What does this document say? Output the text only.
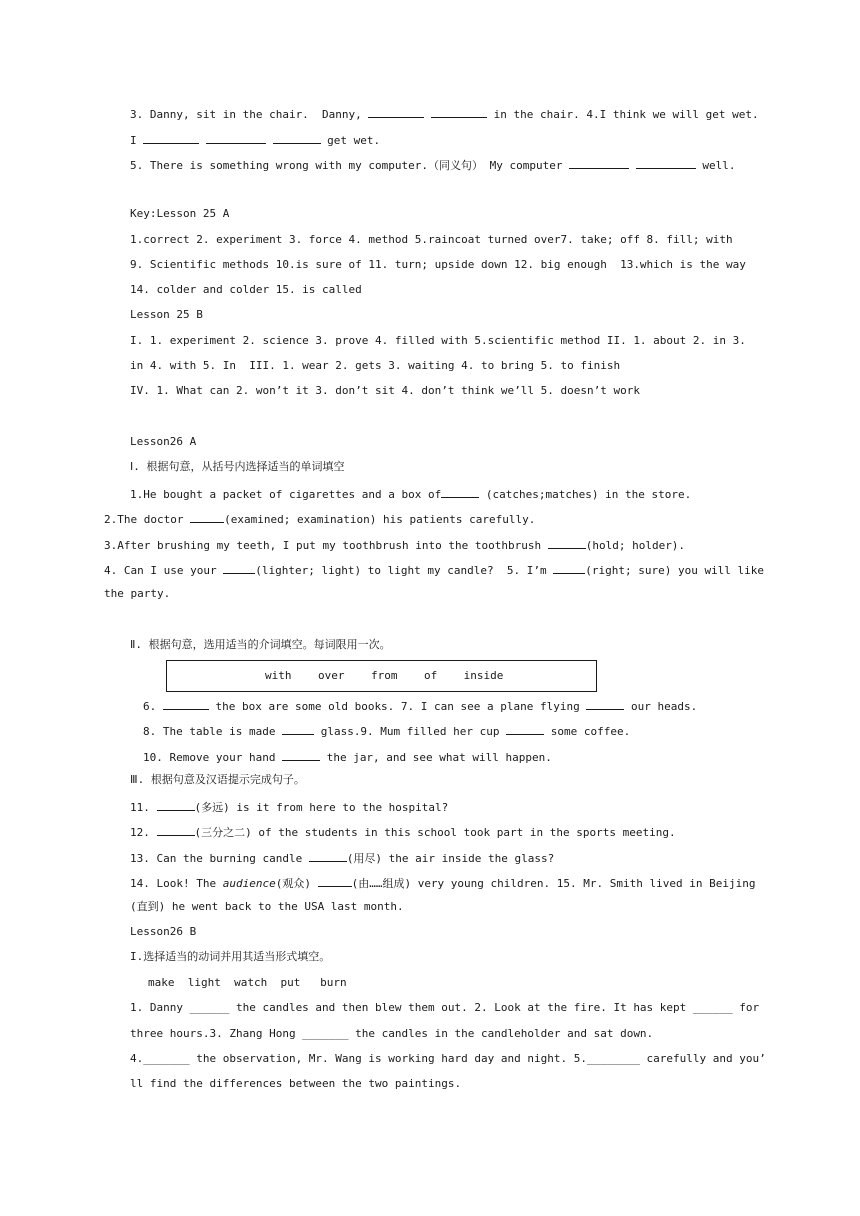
3. Danny, sit in the chair.  Danny,	in the chair. 4.I think we will get wet.
I	get wet.
5. There is something wrong with my computer.（同义句） My computer	well.
Key:Lesson 25 A
1.correct 2. experiment 3. force 4. method 5.raincoat turned over7. take; off 8. fill; with
9. Scientific methods 10.is sure of 11. turn; upside down 12. big enough  13.which is the way
14. colder and colder 15. is called
Lesson 25 B
I. 1. experiment 2. science 3. prove 4. filled with 5.scientific method II. 1. about 2. in 3.
in 4. with 5. In  III. 1. wear 2. gets 3. waiting 4. to bring 5. to finish
IV. 1. What can 2. won’t it 3. don’t sit 4. don’t think we’ll 5. doesn’t work
Lesson26 A
Ⅰ. 根据句意，从括号内选择适当的单词填空
1.He bought a packet of cigarettes and a box of	(catches;matches) in the store.
2.The doctor	(examined; examination) his patients carefully.
3.After brushing my teeth, I put my toothbrush into the toothbrush	(hold; holder).
4. Can I use your	(lighter; light) to light my candle?  5. I’m	(right; sure) you will like
the party.
Ⅱ. 根据句意，选用适当的介词填空。每词限用一次。
with    over    from    of    inside
6.	the box are some old books. 7. I can see a plane flying	our heads.
8. The table is made	glass.9. Mum filled her cup	some coffee.
10. Remove your hand	the jar, and see what will happen.
Ⅲ. 根据句意及汉语提示完成句子。
11.	(多远) is it from here to the hospital?
12.	(三分之二) of the students in this school took part in the sports meeting.
13. Can the burning candle	(用尽) the air inside the glass?
14. Look! The audience(观众)	(由……组成) very young children. 15. Mr. Smith lived in Beijing
(直到) he went back to the USA last month.
Lesson26 B
I.选择适当的动词并用其适当形式填空。
make  light  watch  put   burn
1. Danny ______ the candles and then blew them out. 2. Look at the fire. It has kept ______ for
three hours.3. Zhang Hong _______ the candles in the candleholder and sat down.
4._______ the observation, Mr. Wang is working hard day and night. 5.________ carefully and you’
ll find the differences between the two paintings.
